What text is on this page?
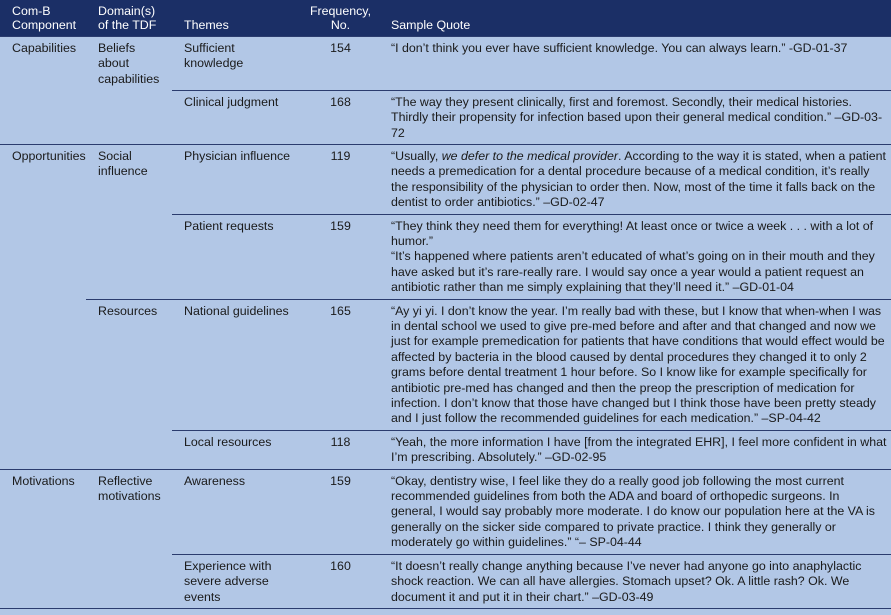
Com-B Component	Domain(s) of the TDF	Themes	Frequency, No.	Sample Quote
Capabilities	Beliefs about capabilities	Sufficient knowledge	154	“I don’t think you ever have sufficient knowledge. You can always learn.” -GD-01-37
		Clinical judgment	168	“The way they present clinically, first and foremost. Secondly, their medical histories. Thirdly their propensity for infection based upon their general medical condition.” –GD-03-72
Opportunities	Social influence	Physician influence	119	“Usually, we defer to the medical provider. According to the way it is stated, when a patient needs a premedication for a dental procedure because of a medical condition, it’s really the responsibility of the physician to order then. Now, most of the time it falls back on the dentist to order antibiotics.” –GD-02-47
		Patient requests	159	“They think they need them for everything! At least once or twice a week . . . with a lot of humor.”
“It’s happened where patients aren’t educated of what’s going on in their mouth and they have asked but it’s rare-really rare. I would say once a year would a patient request an antibiotic rather than me simply explaining that they’ll need it.” –GD-01-04

	Resources	National guidelines	165	“Ay yi yi. I don’t know the year. I’m really bad with these, but I know that when-when I was in dental school we used to give pre-med before and after and that changed and now we just for example premedication for patients that have conditions that would effect would be affected by bacteria in the blood caused by dental procedures they changed it to only 2 grams before dental treatment 1 hour before. So I know like for example specifically for antibiotic pre-med has changed and then the preop the prescription of medication for infection. I don’t know that those have changed but I think those have been pretty steady and I just follow the recommended guidelines for each medication.” –SP-04-42
		Local resources	118	“Yeah, the more information I have [from the integrated EHR], I feel more confident in what I’m prescribing. Absolutely.” –GD-02-95
Motivations	Reflective motivations	Awareness	159	“Okay, dentistry wise, I feel like they do a really good job following the most current recommended guidelines from both the ADA and board of orthopedic surgeons. In general, I would say probably more moderate. I do know our population here at the VA is generally on the sicker side compared to private practice. I think they generally or moderately go within guidelines.” “– SP-04-44
		Experience with severe adverse events	160	“It doesn’t really change anything because I’ve never had anyone go into anaphylactic shock reaction. We can all have allergies. Stomach upset? Ok. A little rash? Ok. We document it and put it in their chart.” –GD-03-49
